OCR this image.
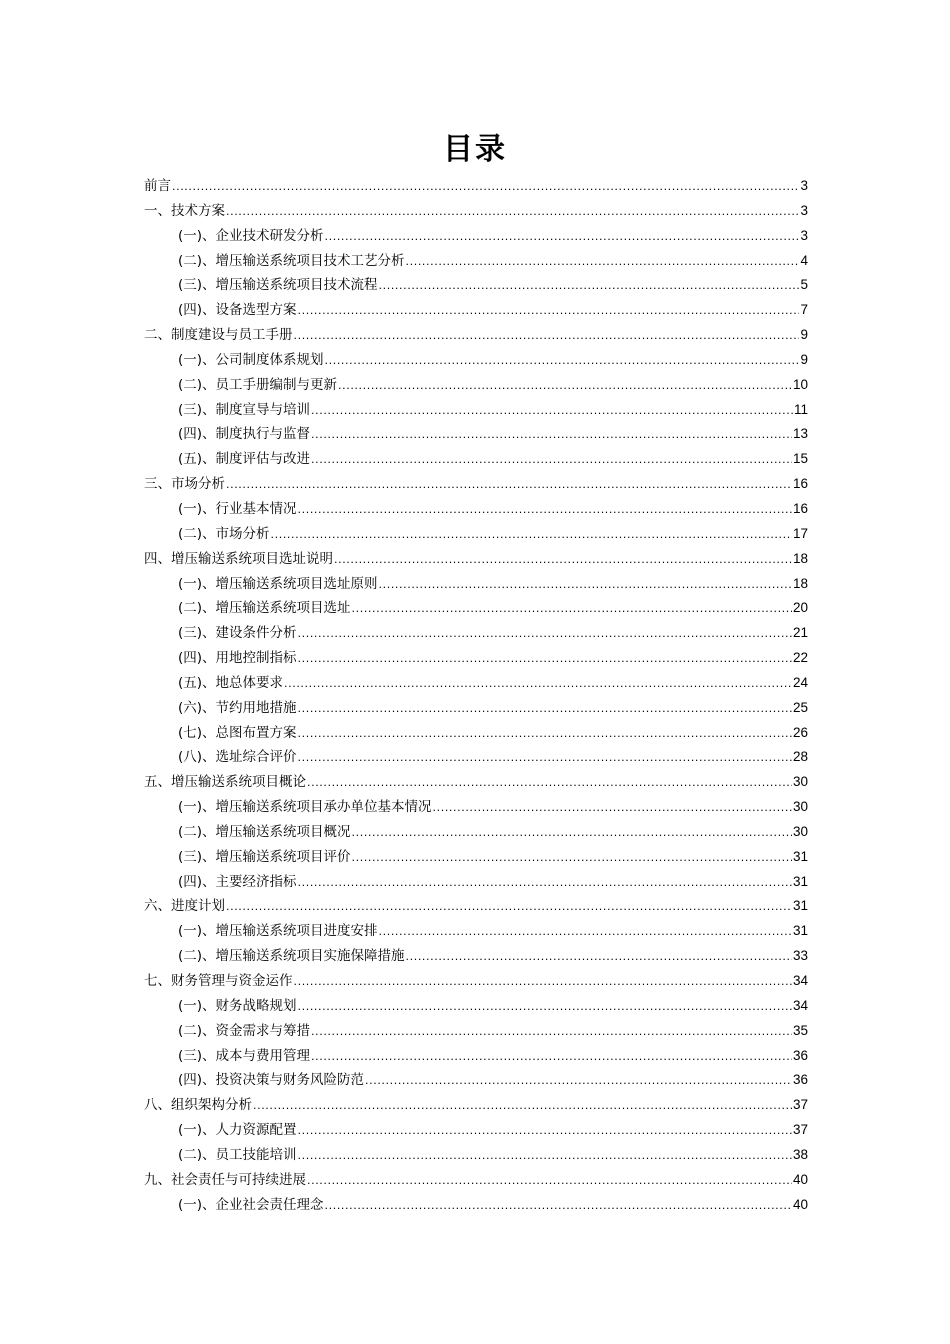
目录
前言 .....	3
一、技术方案 .....	3
(一)、企业技术研发分析 .....	3
(二)、增压输送系统项目技术工艺分析 .....	4
(三)、增压输送系统项目技术流程 .....	5
(四)、设备选型方案 .....	7
二、制度建设与员工手册 .....	9
(一)、公司制度体系规划 .....	9
(二)、员工手册编制与更新 .....	10
(三)、制度宣导与培训 .....	11
(四)、制度执行与监督 .....	13
(五)、制度评估与改进 .....	15
三、市场分析 .....	16
(一)、行业基本情况 .....	16
(二)、市场分析 .....	17
四、增压输送系统项目选址说明 .....	18
(一)、增压输送系统项目选址原则 .....	18
(二)、增压输送系统项目选址 .....	20
(三)、建设条件分析 .....	21
(四)、用地控制指标 .....	22
(五)、地总体要求 .....	24
(六)、节约用地措施 .....	25
(七)、总图布置方案 .....	26
(八)、选址综合评价 .....	28
五、增压输送系统项目概论 .....	30
(一)、增压输送系统项目承办单位基本情况 .....	30
(二)、增压输送系统项目概况 .....	30
(三)、增压输送系统项目评价 .....	31
(四)、主要经济指标 .....	31
六、进度计划 .....	31
(一)、增压输送系统项目进度安排 .....	31
(二)、增压输送系统项目实施保障措施 .....	33
七、财务管理与资金运作 .....	34
(一)、财务战略规划 .....	34
(二)、资金需求与筹措 .....	35
(三)、成本与费用管理 .....	36
(四)、投资决策与财务风险防范 .....	36
八、组织架构分析 .....	37
(一)、人力资源配置 .....	37
(二)、员工技能培训 .....	38
九、社会责任与可持续进展 .....	40
(一)、企业社会责任理念 .....	40
